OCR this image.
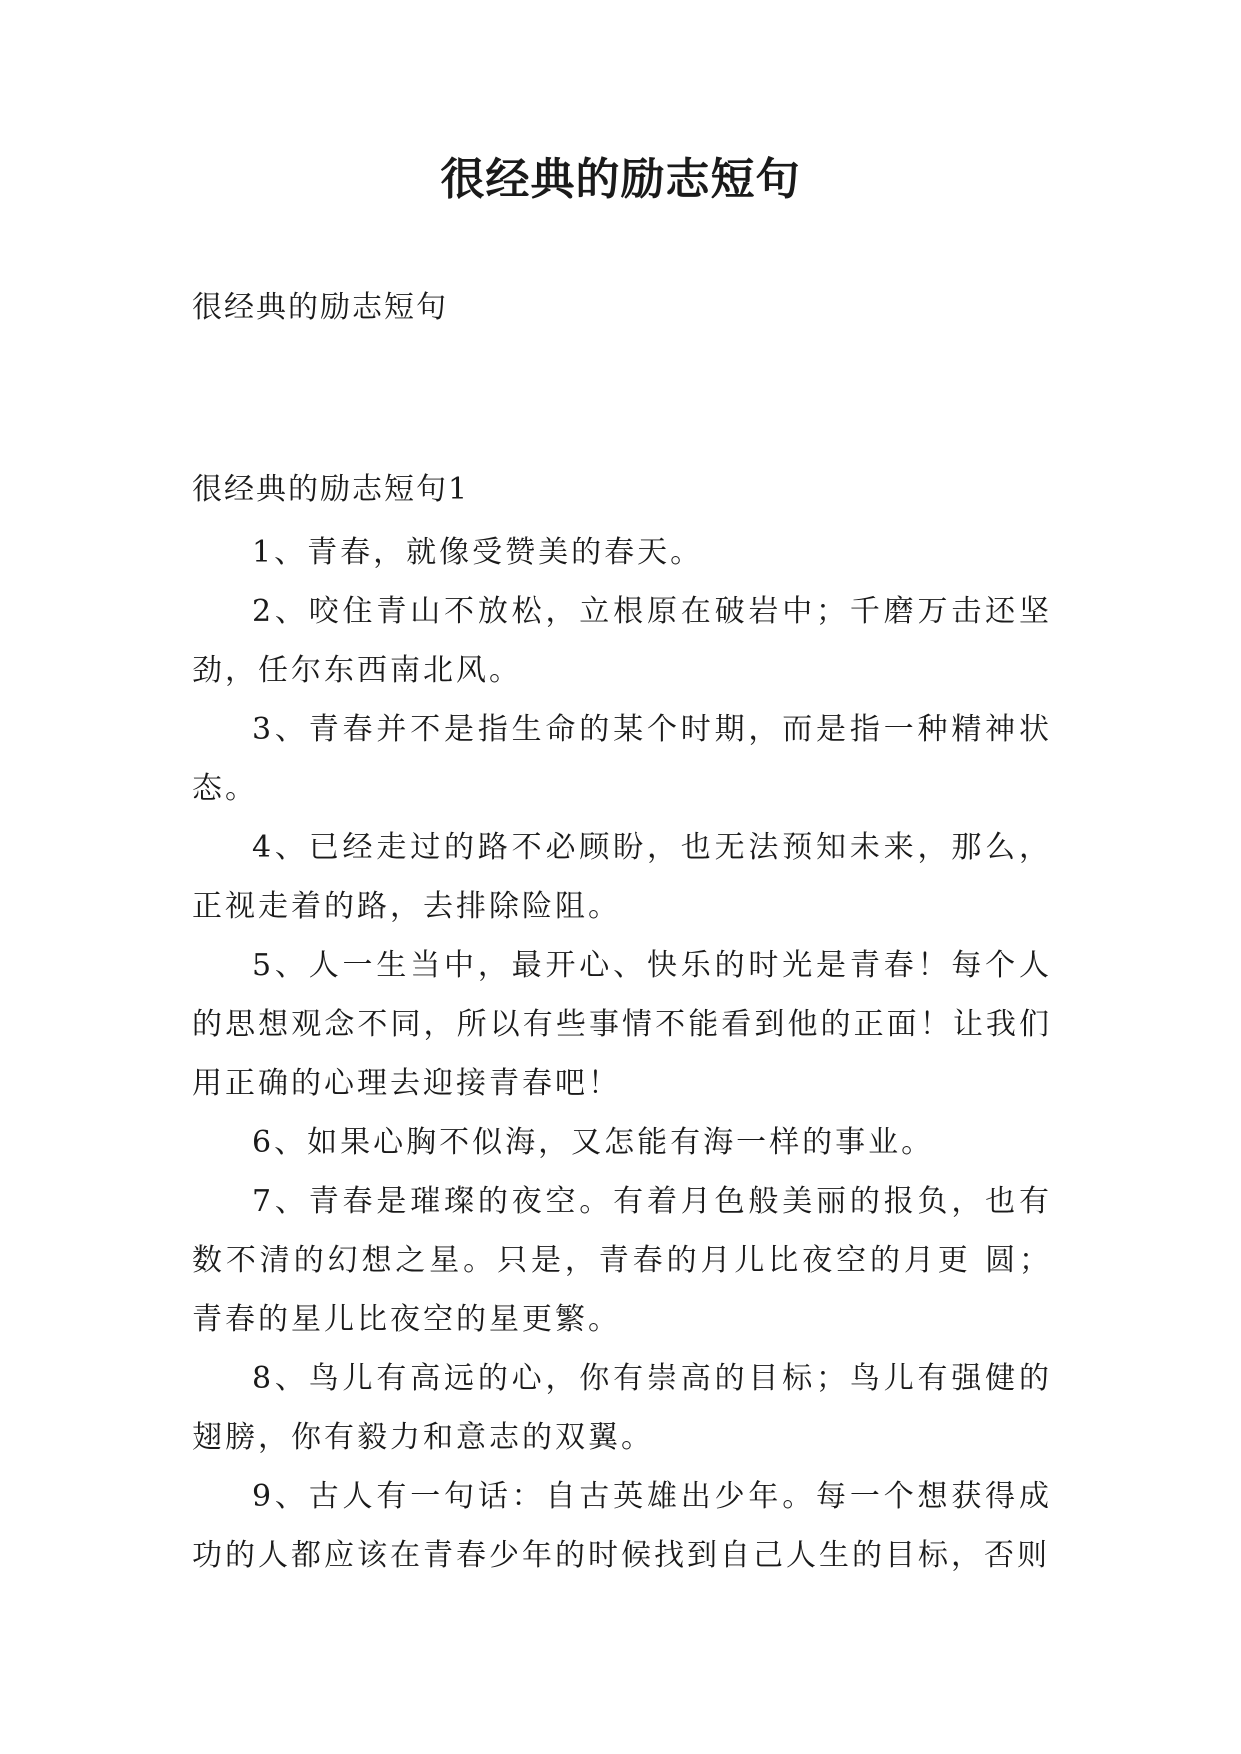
很经典的励志短句
很经典的励志短句
很经典的励志短句1

1、青春，就像受赞美的春天。

2、咬住青山不放松，立根原在破岩中；千磨万击还坚劲，任尔东西南北风。

3、青春并不是指生命的某个时期，而是指一种精神状态。

4、已经走过的路不必顾盼，也无法预知未来，那么，正视走着的路，去排除险阻。

5、人一生当中，最开心、快乐的时光是青春！每个人的思想观念不同，所以有些事情不能看到他的正面！让我们用正确的心理去迎接青春吧！

6、如果心胸不似海，又怎能有海一样的事业。

7、青春是璀璨的夜空。有着月色般美丽的报负，也有数不清的幻想之星。只是，青春的月儿比夜空的月更 圆；青春的星儿比夜空的星更繁。

8、鸟儿有高远的心，你有崇高的目标；鸟儿有强健的翅膀，你有毅力和意志的双翼。

9、古人有一句话：自古英雄出少年。每一个想获得成功的人都应该在青春少年的时候找到自己人生的目标，否则
